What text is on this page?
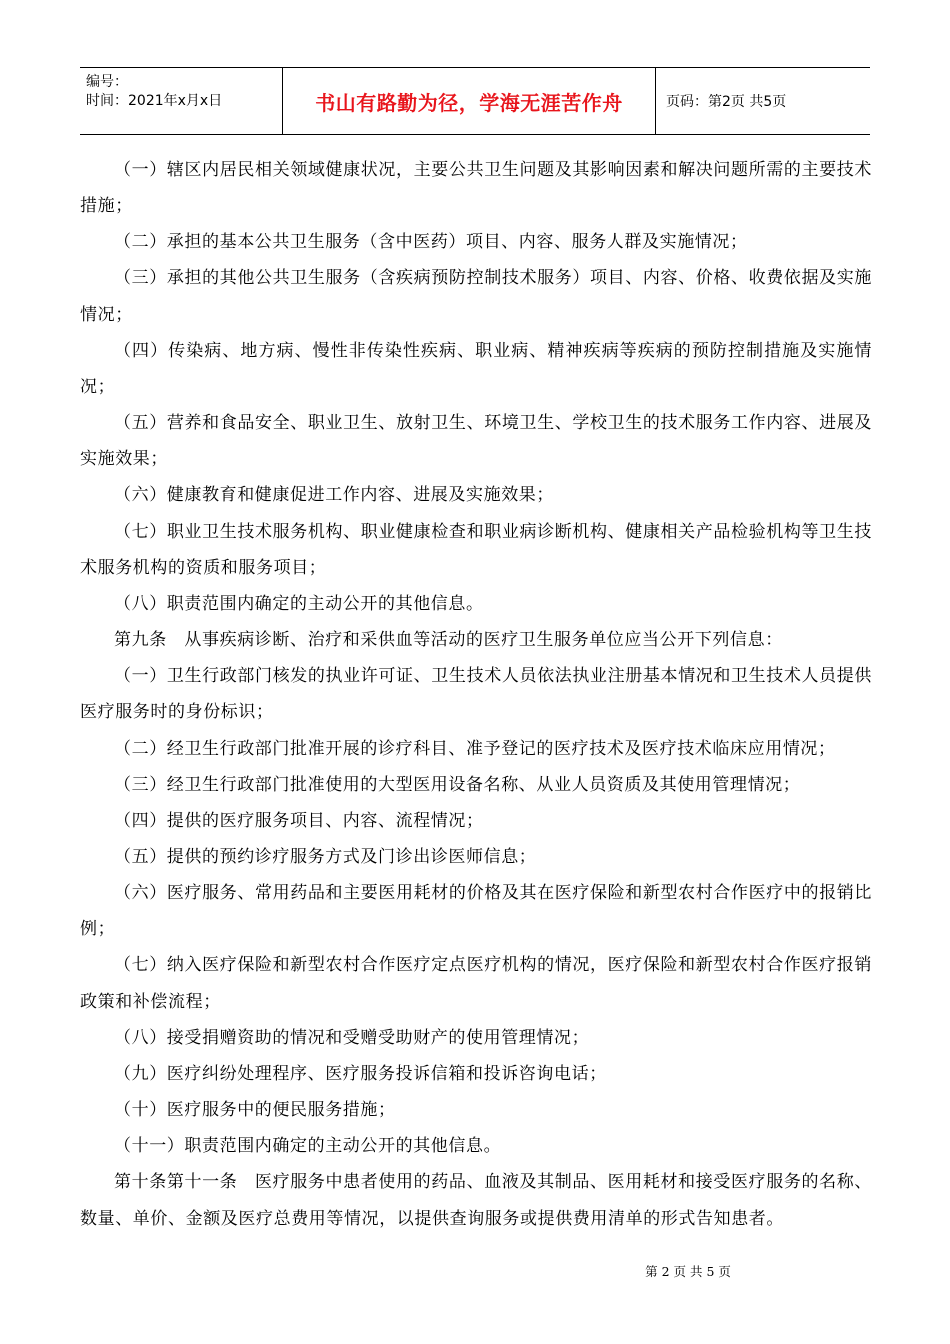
编号：
时间：2021年x月x日	书山有路勤为径，学海无涯苦作舟	页码：第2页 共5页

（一）辖区内居民相关领域健康状况，主要公共卫生问题及其影响因素和解决问题所需的主要技术措施；

（二）承担的基本公共卫生服务（含中医药）项目、内容、服务人群及实施情况；

（三）承担的其他公共卫生服务（含疾病预防控制技术服务）项目、内容、价格、收费依据及实施情况；

（四）传染病、地方病、慢性非传染性疾病、职业病、精神疾病等疾病的预防控制措施及实施情况；

（五）营养和食品安全、职业卫生、放射卫生、环境卫生、学校卫生的技术服务工作内容、进展及实施效果；

（六）健康教育和健康促进工作内容、进展及实施效果；

（七）职业卫生技术服务机构、职业健康检查和职业病诊断机构、健康相关产品检验机构等卫生技术服务机构的资质和服务项目；

（八）职责范围内确定的主动公开的其他信息。

第九条　从事疾病诊断、治疗和采供血等活动的医疗卫生服务单位应当公开下列信息：

（一）卫生行政部门核发的执业许可证、卫生技术人员依法执业注册基本情况和卫生技术人员提供医疗服务时的身份标识；

（二）经卫生行政部门批准开展的诊疗科目、准予登记的医疗技术及医疗技术临床应用情况；

（三）经卫生行政部门批准使用的大型医用设备名称、从业人员资质及其使用管理情况；

（四）提供的医疗服务项目、内容、流程情况；

（五）提供的预约诊疗服务方式及门诊出诊医师信息；

（六）医疗服务、常用药品和主要医用耗材的价格及其在医疗保险和新型农村合作医疗中的报销比例；

（七）纳入医疗保险和新型农村合作医疗定点医疗机构的情况，医疗保险和新型农村合作医疗报销政策和补偿流程；

（八）接受捐赠资助的情况和受赠受助财产的使用管理情况；

（九）医疗纠纷处理程序、医疗服务投诉信箱和投诉咨询电话；

（十）医疗服务中的便民服务措施；

（十一）职责范围内确定的主动公开的其他信息。

第十条第十一条　医疗服务中患者使用的药品、血液及其制品、医用耗材和接受医疗服务的名称、数量、单价、金额及医疗总费用等情况，以提供查询服务或提供费用清单的形式告知患者。

第 2 页 共 5 页
